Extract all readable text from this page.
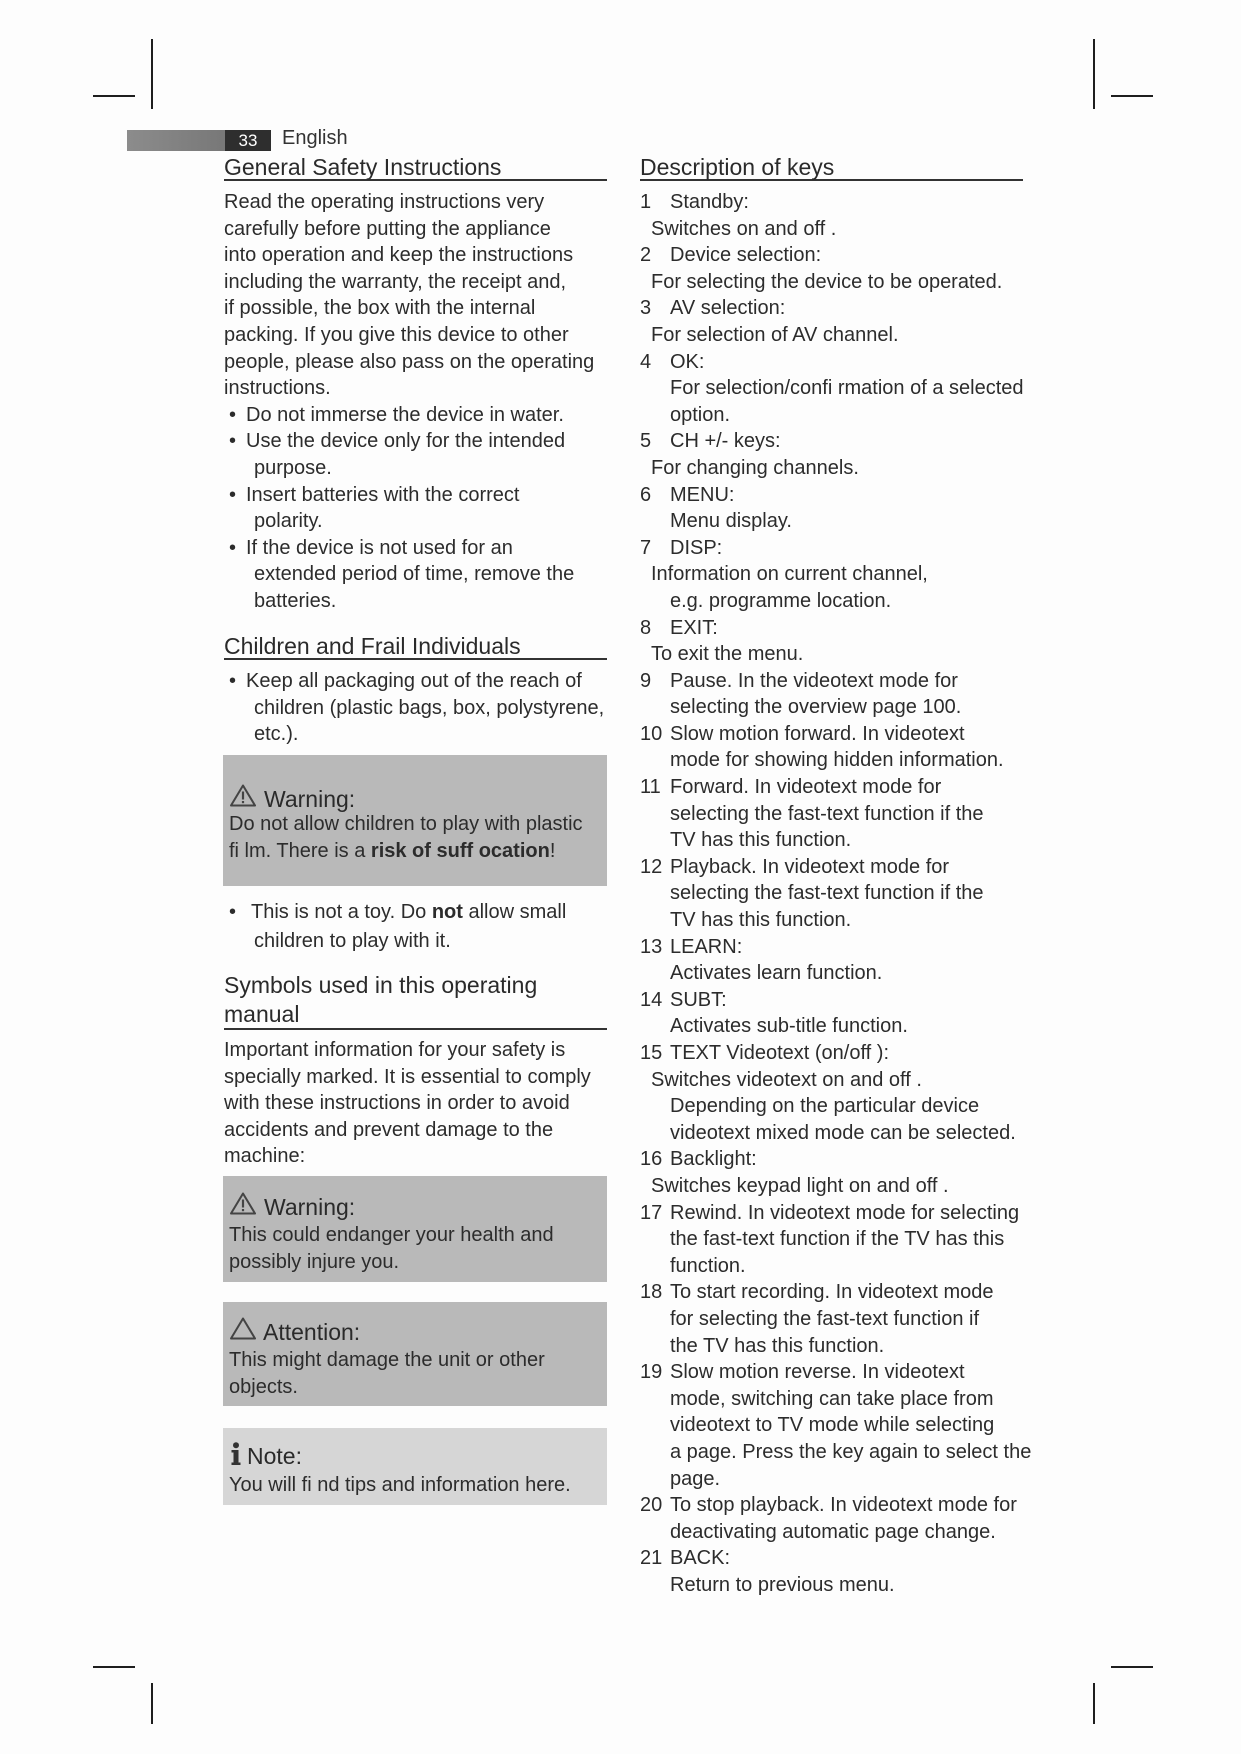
33	English
General Safety Instructions
Read the operating instructions very
carefully before putting the appliance
into operation and keep the instructions
including the warranty, the receipt and,
if possible, the box with the internal
packing. If you give this device to other
people, please also pass on the operating
instructions.
• Do not immerse the device in water.
• Use the device only for the intended
purpose.
• Insert batteries with the correct
polarity.
• If the device is not used for an
extended period of time, remove the
batteries.
Children and Frail Individuals
• Keep all packaging out of the reach of
children (plastic bags, box, polystyrene,
etc.).
Warning:
Do not allow children to play with plastic
fi lm. There is a risk of suff ocation!
• This is not a toy. Do not allow small
children to play with it.
Symbols used in this operating
manual
Important information for your safety is
specially marked. It is essential to comply
with these instructions in order to avoid
accidents and prevent damage to the
machine:
Warning:
This could endanger your health and
possibly injure you.
Attention:
This might damage the unit or other
objects.
Note:
You will fi nd tips and information here.
Description of keys
1 Standby:
Switches on and off .
2 Device selection:
For selecting the device to be operated.
3 AV selection:
For selection of AV channel.
4 OK:
For selection/confi rmation of a selected
option.
5 CH +/- keys:
For changing channels.
6 MENU:
Menu display.
7 DISP:
Information on current channel,
e.g. programme location.
8 EXIT:
To exit the menu.
9 Pause. In the videotext mode for
selecting the overview page 100.
10 Slow motion forward. In videotext
mode for showing hidden information.
11 Forward. In videotext mode for
selecting the fast-text function if the
TV has this function.
12 Playback. In videotext mode for
selecting the fast-text function if the
TV has this function.
13 LEARN:
Activates learn function.
14 SUBT:
Activates sub-title function.
15 TEXT Videotext (on/off ):
Switches videotext on and off .
Depending on the particular device
videotext mixed mode can be selected.
16 Backlight:
Switches keypad light on and off .
17 Rewind. In videotext mode for selecting
the fast-text function if the TV has this
function.
18 To start recording. In videotext mode
for selecting the fast-text function if
the TV has this function.
19 Slow motion reverse. In videotext
mode, switching can take place from
videotext to TV mode while selecting
a page. Press the key again to select the
page.
20 To stop playback. In videotext mode for
deactivating automatic page change.
21 BACK:
Return to previous menu.
